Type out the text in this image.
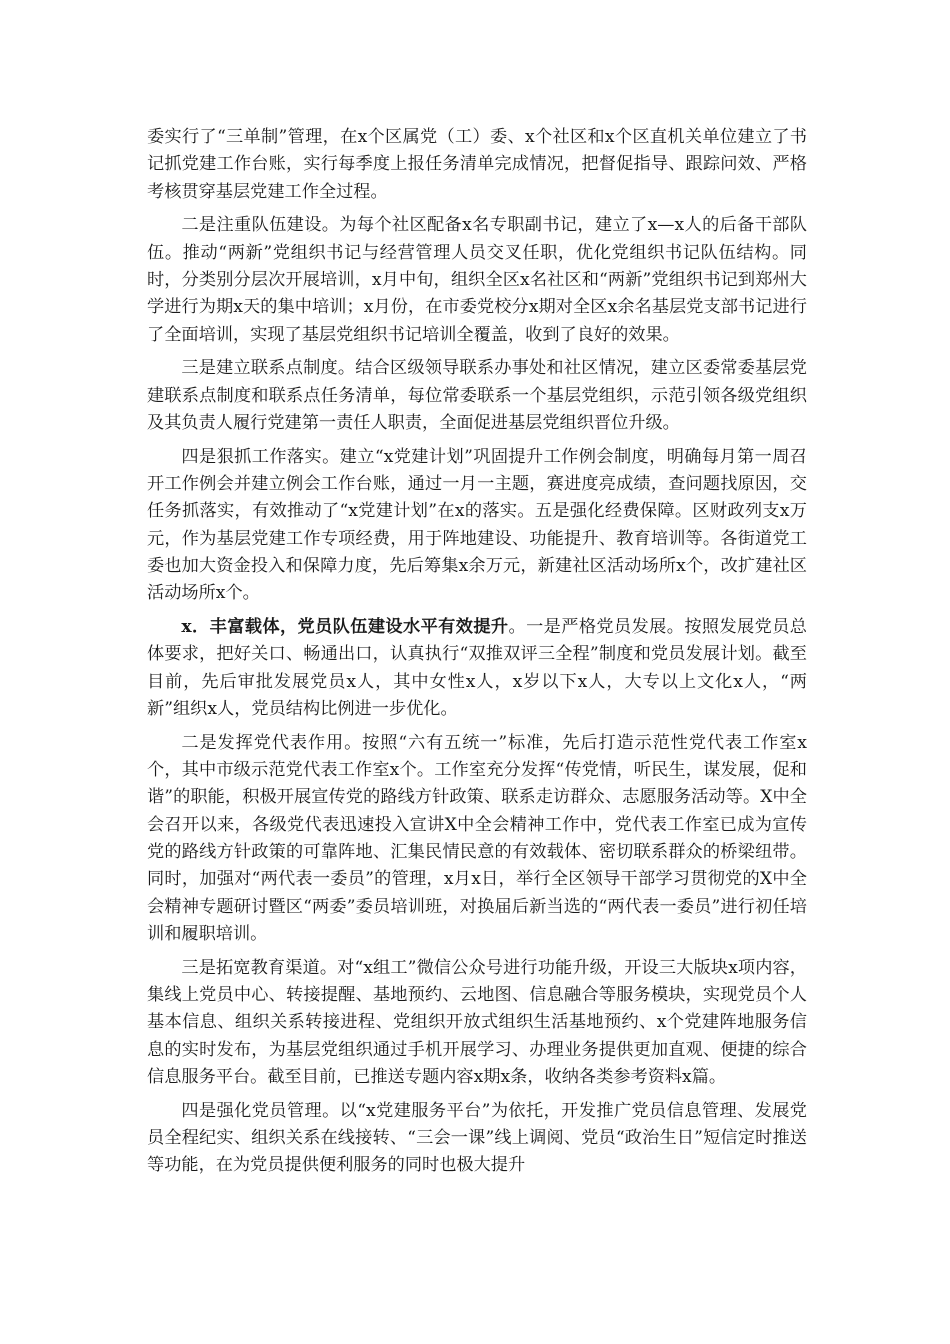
委实行了“三单制”管理，在x个区属党（工）委、x个社区和x个区直机关单位建立了书记抓党建工作台账，实行每季度上报任务清单完成情况，把督促指导、跟踪问效、严格考核贯穿基层党建工作全过程。

二是注重队伍建设。为每个社区配备x名专职副书记，建立了x—x人的后备干部队伍。推动“两新”党组织书记与经营管理人员交叉任职，优化党组织书记队伍结构。同时，分类别分层次开展培训，x月中旬，组织全区x名社区和“两新”党组织书记到郑州大学进行为期x天的集中培训；x月份，在市委党校分x期对全区x余名基层党支部书记进行了全面培训，实现了基层党组织书记培训全覆盖，收到了良好的效果。

三是建立联系点制度。结合区级领导联系办事处和社区情况，建立区委常委基层党建联系点制度和联系点任务清单，每位常委联系一个基层党组织，示范引领各级党组织及其负责人履行党建第一责任人职责，全面促进基层党组织晋位升级。

四是狠抓工作落实。建立“x党建计划”巩固提升工作例会制度，明确每月第一周召开工作例会并建立例会工作台账，通过一月一主题，赛进度亮成绩，查问题找原因，交任务抓落实，有效推动了“x党建计划”在x的落实。五是强化经费保障。区财政列支x万元，作为基层党建工作专项经费，用于阵地建设、功能提升、教育培训等。各街道党工委也加大资金投入和保障力度，先后筹集x余万元，新建社区活动场所x个，改扩建社区活动场所x个。

x．丰富载体，党员队伍建设水平有效提升。一是严格党员发展。按照发展党员总体要求，把好关口、畅通出口，认真执行“双推双评三全程”制度和党员发展计划。截至目前，先后审批发展党员x人，其中女性x人，x岁以下x人，大专以上文化x人，“两新”组织x人，党员结构比例进一步优化。

二是发挥党代表作用。按照“六有五统一”标准，先后打造示范性党代表工作室x个，其中市级示范党代表工作室x个。工作室充分发挥“传党情，听民生，谋发展，促和谐”的职能，积极开展宣传党的路线方针政策、联系走访群众、志愿服务活动等。X中全会召开以来，各级党代表迅速投入宣讲X中全会精神工作中，党代表工作室已成为宣传党的路线方针政策的可靠阵地、汇集民情民意的有效载体、密切联系群众的桥梁纽带。同时，加强对“两代表一委员”的管理，x月x日，举行全区领导干部学习贯彻党的X中全会精神专题研讨暨区“两委”委员培训班，对换届后新当选的“两代表一委员”进行初任培训和履职培训。

三是拓宽教育渠道。对“x组工”微信公众号进行功能升级，开设三大版块x项内容，集线上党员中心、转接提醒、基地预约、云地图、信息融合等服务模块，实现党员个人基本信息、组织关系转接进程、党组织开放式组织生活基地预约、x个党建阵地服务信息的实时发布，为基层党组织通过手机开展学习、办理业务提供更加直观、便捷的综合信息服务平台。截至目前，已推送专题内容x期x条，收纳各类参考资料x篇。

四是强化党员管理。以“x党建服务平台”为依托，开发推广党员信息管理、发展党员全程纪实、组织关系在线接转、“三会一课”线上调阅、党员“政治生日”短信定时推送等功能，在为党员提供便利服务的同时也极大提升
